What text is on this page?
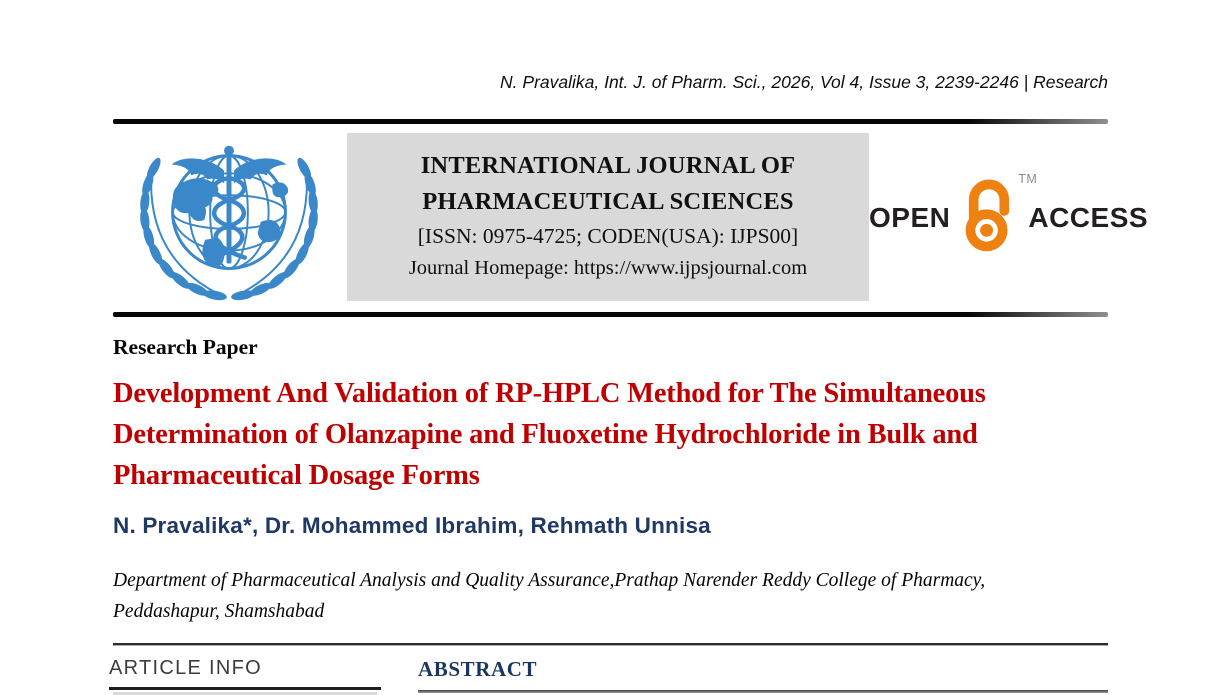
N. Pravalika, Int. J. of Pharm. Sci., 2026, Vol 4, Issue 3, 2239-2246 | Research
INTERNATIONAL JOURNAL OF
PHARMACEUTICAL SCIENCES
[ISSN: 0975-4725; CODEN(USA): IJPS00]
Journal Homepage: https://www.ijpsjournal.com
OPEN
TM
ACCESS
Research Paper
Development And Validation of RP-HPLC Method for The Simultaneous
Determination of Olanzapine and Fluoxetine Hydrochloride in Bulk and
Pharmaceutical Dosage Forms
N. Pravalika*, Dr. Mohammed Ibrahim, Rehmath Unnisa
Department of Pharmaceutical Analysis and Quality Assurance,Prathap Narender Reddy College of Pharmacy,
Peddashapur, Shamshabad
ARTICLE INFO	ABSTRACT
